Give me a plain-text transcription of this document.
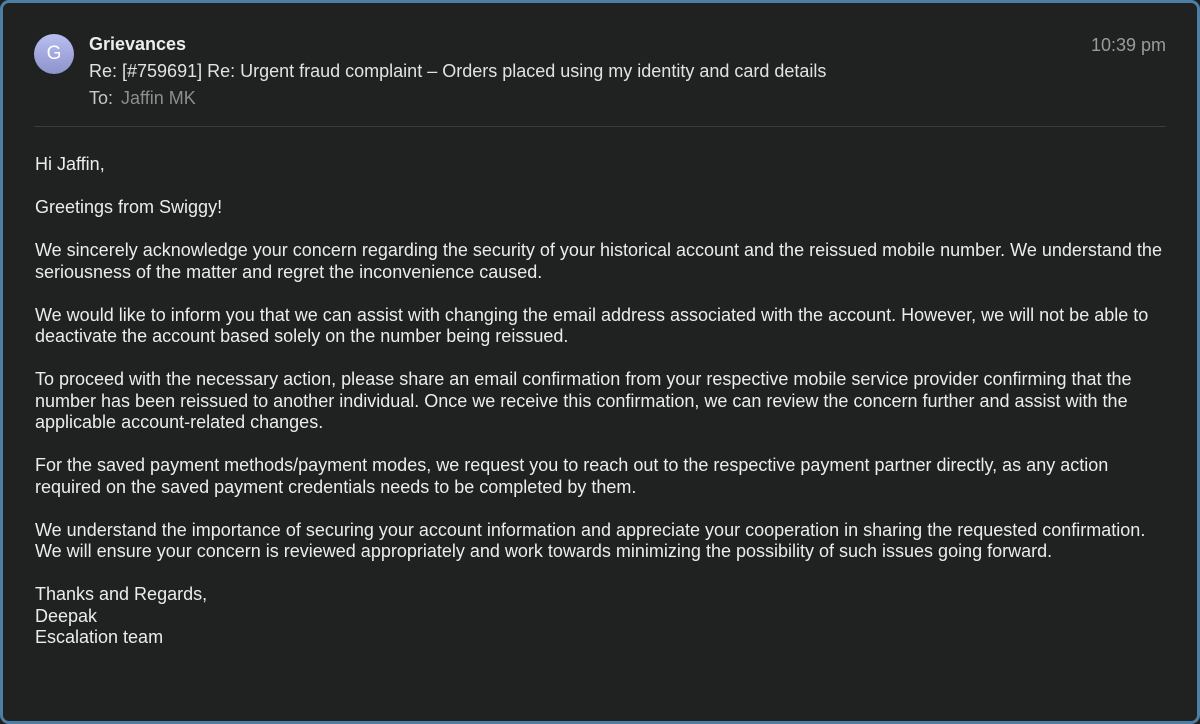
G	Grievances
Re: [#759691] Re: Urgent fraud complaint – Orders placed using my identity and card details
To: Jaffin MK
10:39 pm

Hi Jaffin,

Greetings from Swiggy!

We sincerely acknowledge your concern regarding the security of your historical account and the reissued mobile number. We understand the seriousness of the matter and regret the inconvenience caused.

We would like to inform you that we can assist with changing the email address associated with the account. However, we will not be able to deactivate the account based solely on the number being reissued.

To proceed with the necessary action, please share an email confirmation from your respective mobile service provider confirming that the number has been reissued to another individual. Once we receive this confirmation, we can review the concern further and assist with the applicable account-related changes.

For the saved payment methods/payment modes, we request you to reach out to the respective payment partner directly, as any action required on the saved payment credentials needs to be completed by them.

We understand the importance of securing your account information and appreciate your cooperation in sharing the requested confirmation. We will ensure your concern is reviewed appropriately and work towards minimizing the possibility of such issues going forward.

Thanks and Regards,

Deepak

Escalation team
